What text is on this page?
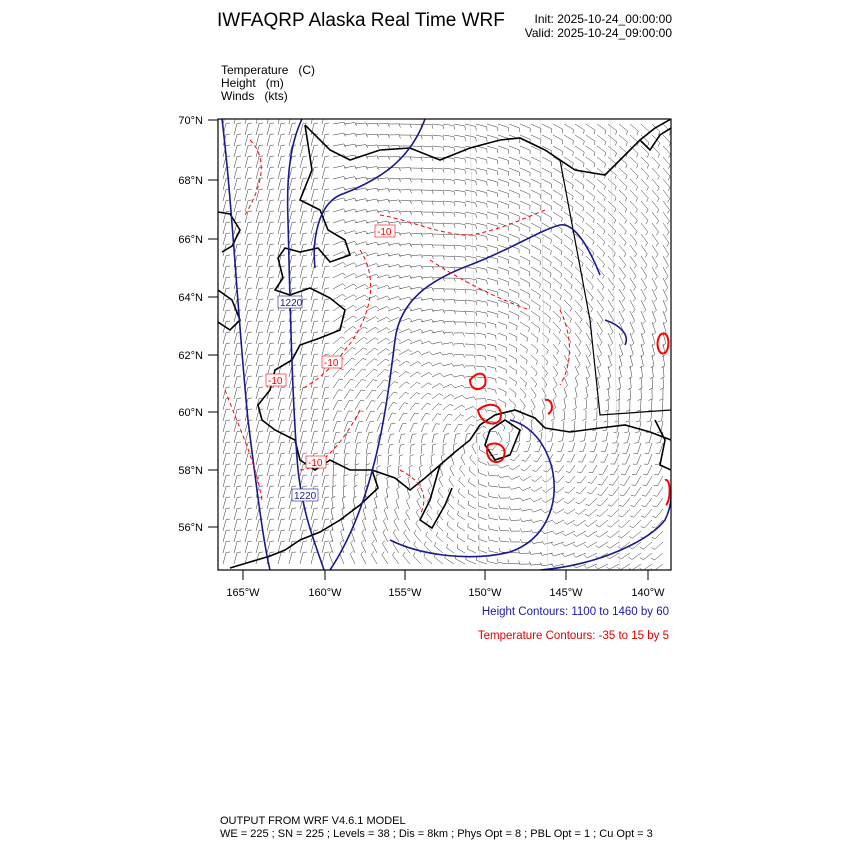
IWFAQRP Alaska Real Time WRF	Init: 2025-10-24_00:00:00
Valid: 2025-10-24_09:00:00
Temperature (C)
Height (m)
Winds (kts)
1220
1220
-10
-10
-10
-10
70°N
68°N
66°N
64°N
62°N
60°N
58°N
56°N
165°W	160°W	155°W	150°W	145°W	140°W
Height Contours: 1100 to 1460 by 60
Temperature Contours: -35 to 15 by 5
OUTPUT FROM WRF V4.6.1 MODEL
WE = 225 ; SN = 225 ; Levels = 38 ; Dis = 8km ; Phys Opt = 8 ; PBL Opt = 1 ; Cu Opt = 3
